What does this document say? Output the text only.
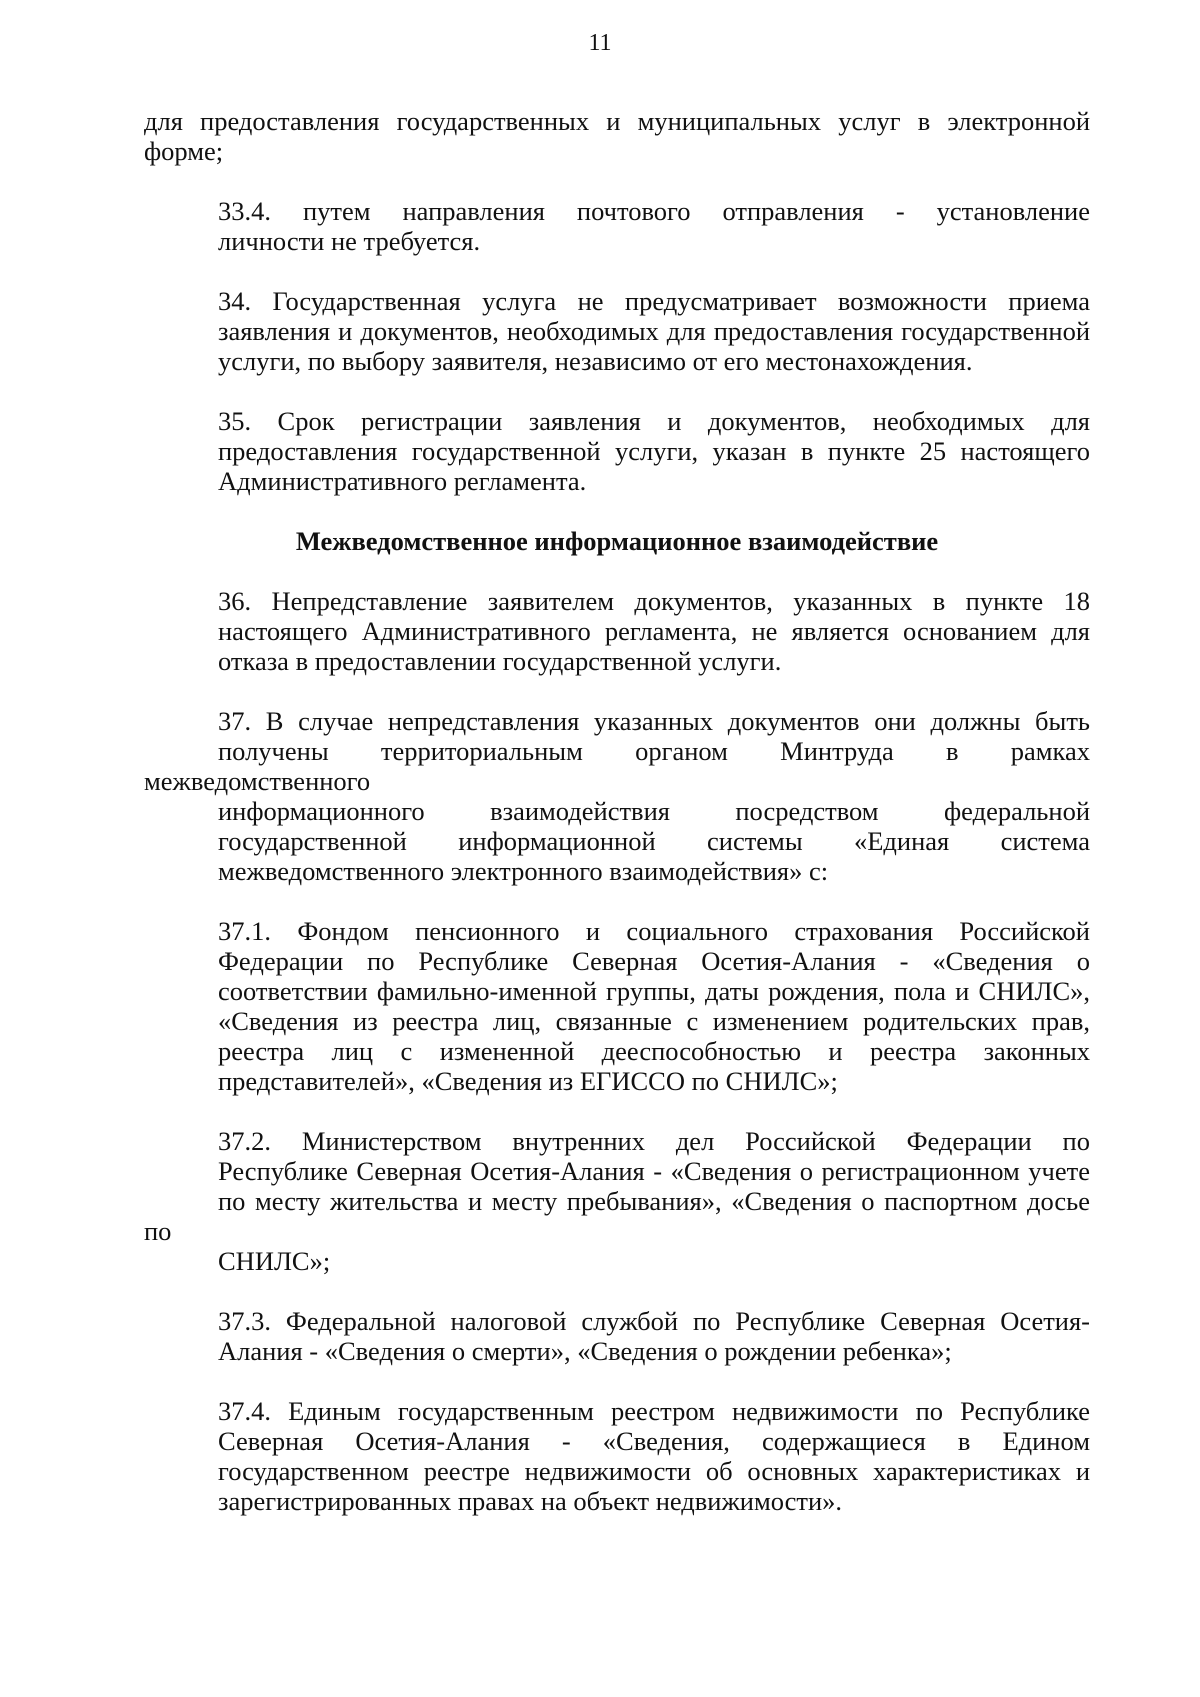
11
для предоставления государственных и муниципальных услуг в электронной
форме;
33.4. путем направления почтового отправления - установление
личности не требуется.
34. Государственная услуга не предусматривает возможности приема
заявления и документов, необходимых для предоставления государственной
услуги, по выбору заявителя, независимо от его местонахождения.
35. Срок регистрации заявления и документов, необходимых для
предоставления государственной услуги, указан в пункте 25 настоящего
Административного регламента.
Межведомственное информационное взаимодействие
36. Непредставление заявителем документов, указанных в пункте 18
настоящего Административного регламента, не является основанием для
отказа в предоставлении государственной услуги.
37. В случае непредставления указанных документов они должны быть
получены территориальным органом Минтруда в рамках межведомственного
информационного взаимодействия посредством федеральной
государственной информационной системы «Единая система
межведомственного электронного взаимодействия» с:
37.1. Фондом пенсионного и социального страхования Российской
Федерации по Республике Северная Осетия-Алания - «Сведения о
соответствии фамильно-именной группы, даты рождения, пола и СНИЛС»,
«Сведения из реестра лиц, связанные с изменением родительских прав,
реестра лиц с измененной дееспособностью и реестра законных
представителей», «Сведения из ЕГИССО по СНИЛС»;
37.2. Министерством внутренних дел Российской Федерации по
Республике Северная Осетия-Алания - «Сведения о регистрационном учете
по месту жительства и месту пребывания», «Сведения о паспортном досье по
СНИЛС»;
37.3. Федеральной налоговой службой по Республике Северная Осетия-
Алания - «Сведения о смерти», «Сведения о рождении ребенка»;
37.4. Единым государственным реестром недвижимости по Республике
Северная Осетия-Алания - «Сведения, содержащиеся в Едином
государственном реестре недвижимости об основных характеристиках и
зарегистрированных правах на объект недвижимости».
